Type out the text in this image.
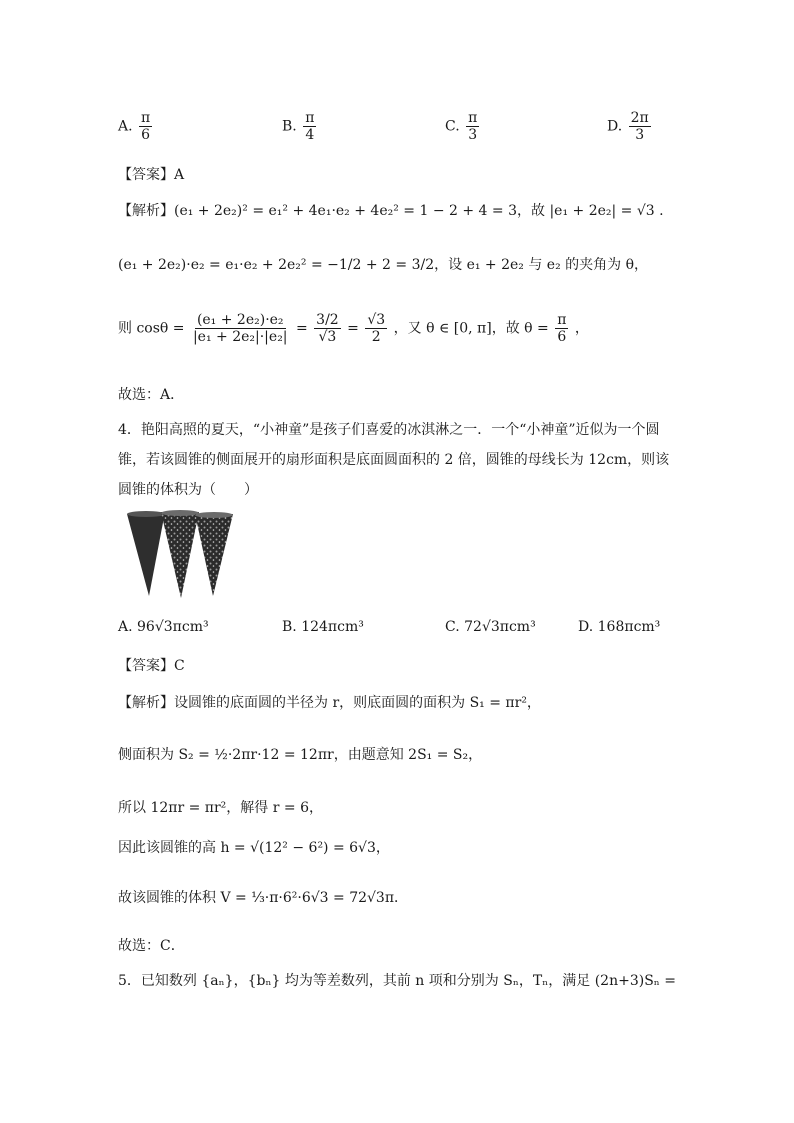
A. $\frac{\pi}{6}$	B. $\frac{\pi}{4}$	C. $\frac{\pi}{3}$	D. $\frac{2\pi}{3}$
【答案】A
【解析】(e₁ + 2e₂)² = e₁² + 4e₁·e₂ + 4e₂² = 1 − 2 + 4 = 3，故 |e₁ + 2e₂| = √3 .
(e₁ + 2e₂)·e₂ = e₁·e₂ + 2e₂² = −1/2 + 2 = 3/2，设 e₁ + 2e₂ 与 e₂ 的夹角为 θ，
则 $\cos\theta = \frac{\text{(e₁ + 2e₂)·e₂}}{\text{|e₁ + 2e₂|·|e₂|}} = \frac{3/2}{√3} = \frac{√3}{2}$ ，又 θ ∈ [0, π]，故 $\theta = \frac{\pi}{6}$ ，
故选：A．
4．艳阳高照的夏天，“小神童”是孩子们喜爱的冰淇淋之一．一个“小神童”近似为一个圆
锥，若该圆锥的侧面展开的扇形面积是底面圆面积的 2 倍，圆锥的母线长为 12cm，则该
圆锥的体积为（　　）
A. 96√3πcm³	B. 124πcm³	C. 72√3πcm³	D. 168πcm³
【答案】C
【解析】设圆锥的底面圆的半径为 r，则底面圆的面积为 S₁ = πr²，
侧面积为 S₂ = ½·2πr·12 = 12πr，由题意知 2S₁ = S₂，
所以 12πr = πr²，解得 r = 6，
因此该圆锥的高 h = √(12² − 6²) = 6√3，
故该圆锥的体积 V = ⅓·π·6²·6√3 = 72√3π．
故选：C．
5．已知数列 {aₙ}，{bₙ} 均为等差数列，其前 n 项和分别为 Sₙ，Tₙ，满足 (2n+3)Sₙ =
